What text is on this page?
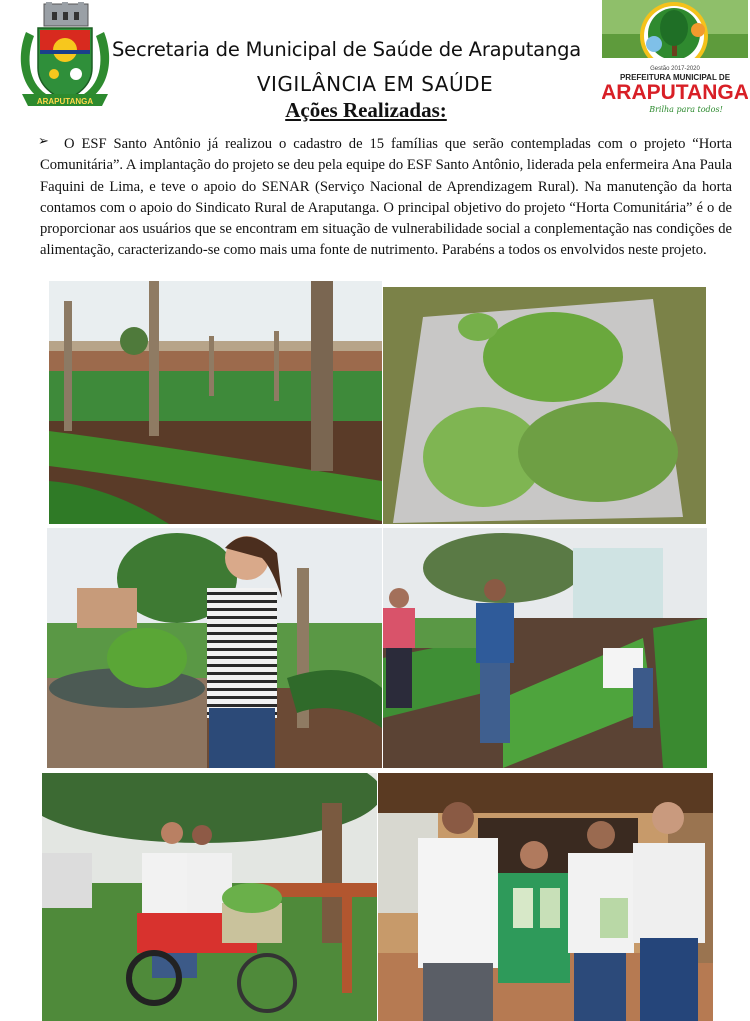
ARAPUTANGA
Gestão 2017-2020
PREFEITURA MUNICIPAL DE
ARAPUTANGA
Brilha para todos!
Secretaria de Municipal de Saúde de Araputanga
VIGILÂNCIA EM SAÚDE
Ações Realizadas:
➢	O ESF Santo Antônio já realizou o cadastro de 15 famílias que serão contempladas com o projeto “Horta Comunitária”. A implantação do projeto se deu pela equipe do ESF Santo Antônio, liderada pela enfermeira Ana Paula Faquini de Lima, e teve o apoio do SENAR (Serviço Nacional de Aprendizagem Rural). Na manutenção da horta contamos com o apoio do Sindicato Rural de Araputanga. O principal objetivo do projeto “Horta Comunitária” é o de proporcionar aos usuários que se encontram em situação de vulnerabilidade social a conplementação nas condições de alimentação, caracterizando-se como mais uma fonte de nutrimento. Parabéns a todos os envolvidos neste projeto.
